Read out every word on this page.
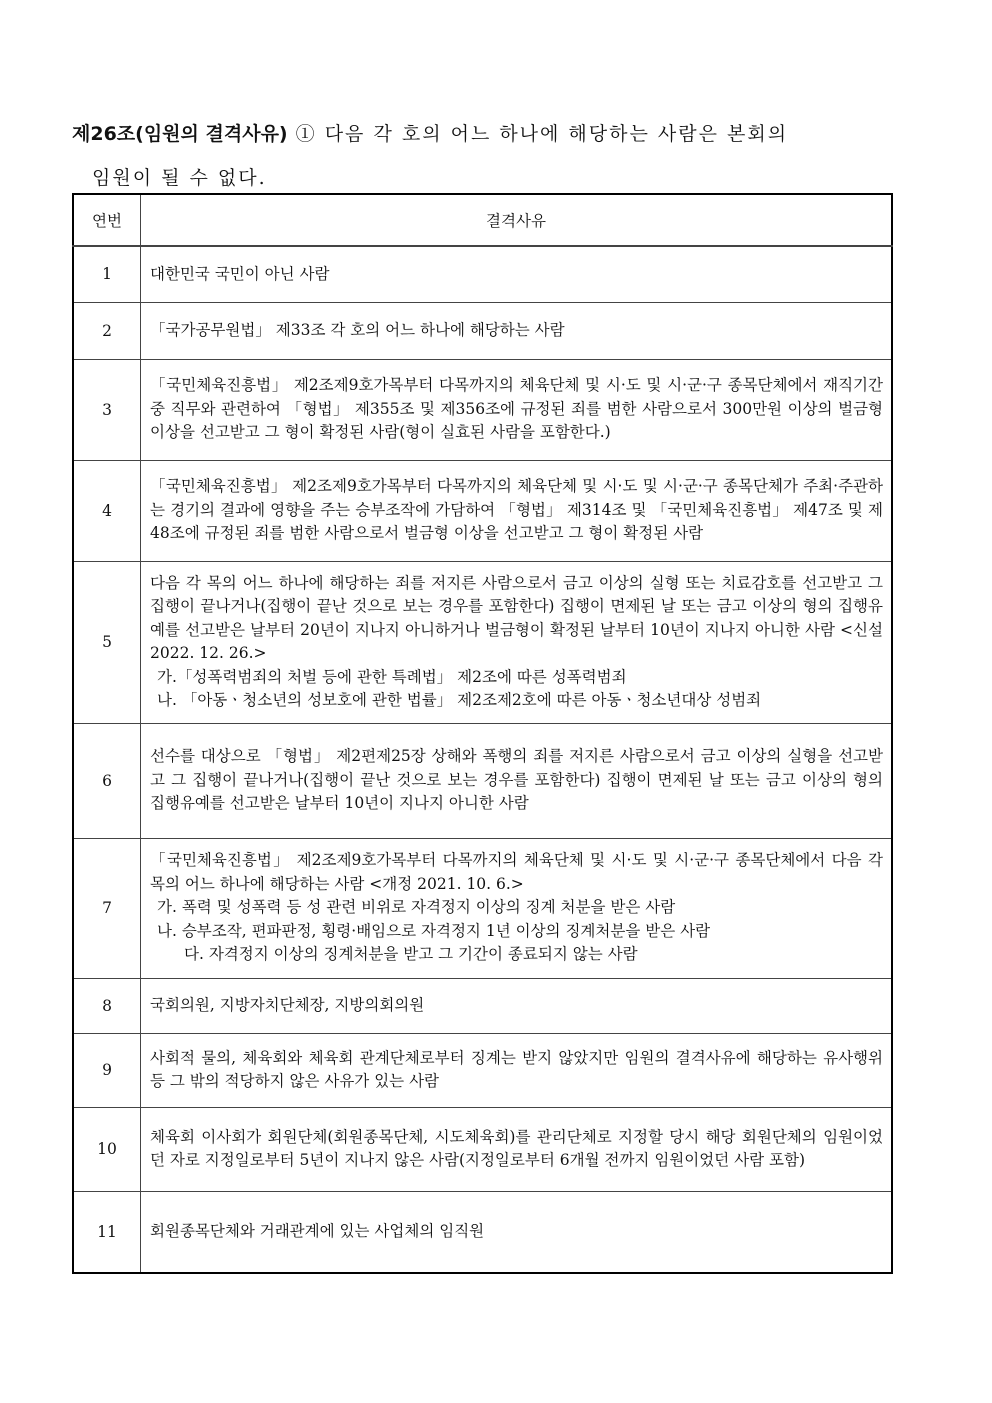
제26조(임원의 결격사유) ① 다음 각 호의 어느 하나에 해당하는 사람은 본회의
임원이 될 수 없다.
연번	결격사유
1	대한민국 국민이 아닌 사람
2	「국가공무원법」 제33조 각 호의 어느 하나에 해당하는 사람
3	「국민체육진흥법」 제2조제9호가목부터 다목까지의 체육단체 및 시·도 및 시·군·구 종목단체에서 재직기간 중 직무와 관련하여 「형법」 제355조 및 제356조에 규정된 죄를 범한 사람으로서 300만원 이상의 벌금형이상을 선고받고 그 형이 확정된 사람(형이 실효된 사람을 포함한다.)
4	「국민체육진흥법」 제2조제9호가목부터 다목까지의 체육단체 및 시·도 및 시·군·구 종목단체가 주최·주관하는 경기의 결과에 영향을 주는 승부조작에 가담하여 「형법」 제314조 및 「국민체육진흥법」 제47조 및 제48조에 규정된 죄를 범한 사람으로서 벌금형 이상을 선고받고 그 형이 확정된 사람
5	다음 각 목의 어느 하나에 해당하는 죄를 저지른 사람으로서 금고 이상의 실형 또는 치료감호를 선고받고 그 집행이 끝나거나(집행이 끝난 것으로 보는 경우를 포함한다) 집행이 면제된 날 또는 금고 이상의 형의 집행유예를 선고받은 날부터 20년이 지나지 아니하거나 벌금형이 확정된 날부터 10년이 지나지 아니한 사람 <신설 2022. 12. 26.>
가.「성폭력범죄의 처벌 등에 관한 특례법」 제2조에 따른 성폭력범죄
나. 「아동ㆍ청소년의 성보호에 관한 법률」 제2조제2호에 따른 아동ㆍ청소년대상 성범죄

6	선수를 대상으로 「형법」 제2편제25장 상해와 폭행의 죄를 저지른 사람으로서 금고 이상의 실형을 선고받고 그 집행이 끝나거나(집행이 끝난 것으로 보는 경우를 포함한다) 집행이 면제된 날 또는 금고 이상의 형의 집행유예를 선고받은 날부터 10년이 지나지 아니한 사람
7	「국민체육진흥법」 제2조제9호가목부터 다목까지의 체육단체 및 시·도 및 시·군·구 종목단체에서 다음 각 목의 어느 하나에 해당하는 사람 <개정 2021. 10. 6.>
가. 폭력 및 성폭력 등 성 관련 비위로 자격정지 이상의 징계 처분을 받은 사람
나. 승부조작, 편파판정, 횡령·배임으로 자격정지 1년 이상의 징계처분을 받은 사람
다. 자격정지 이상의 징계처분을 받고 그 기간이 종료되지 않는 사람

8	국회의원, 지방자치단체장, 지방의회의원
9	사회적 물의, 체육회와 체육회 관계단체로부터 징계는 받지 않았지만 임원의 결격사유에 해당하는 유사행위 등 그 밖의 적당하지 않은 사유가 있는 사람
10	체육회 이사회가 회원단체(회원종목단체, 시도체육회)를 관리단체로 지정할 당시 해당 회원단체의 임원이었던 자로 지정일로부터 5년이 지나지 않은 사람(지정일로부터 6개월 전까지 임원이었던 사람 포함)
11	회원종목단체와 거래관계에 있는 사업체의 임직원
